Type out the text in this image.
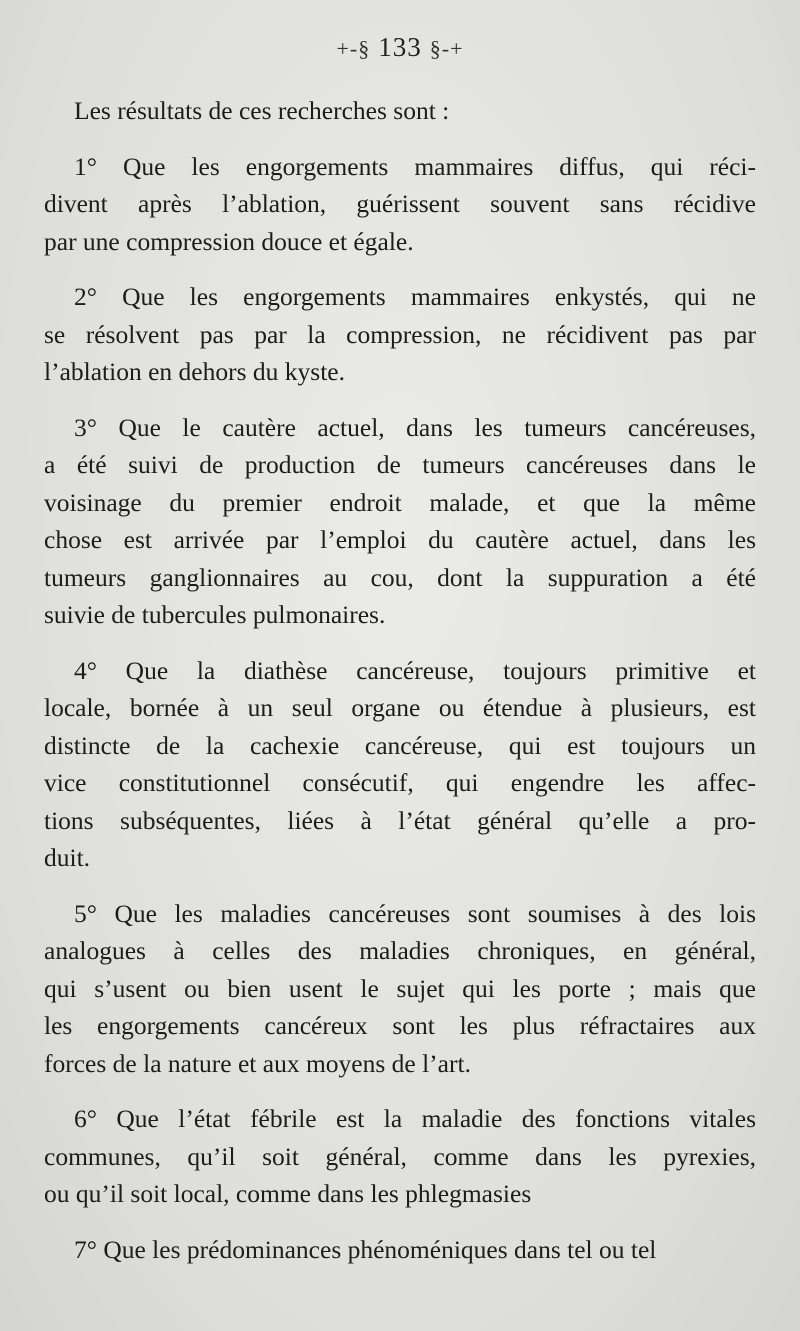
+-§ 133 §-+
Les résultats de ces recherches sont :
1° Que les engorgements mammaires diffus, qui réci-
divent après l’ablation, guérissent souvent sans récidive
par une compression douce et égale.
2° Que les engorgements mammaires enkystés, qui ne
se résolvent pas par la compression, ne récidivent pas par
l’ablation en dehors du kyste.
3° Que le cautère actuel, dans les tumeurs cancéreuses,
a été suivi de production de tumeurs cancéreuses dans le
voisinage du premier endroit malade, et que la même
chose est arrivée par l’emploi du cautère actuel, dans les
tumeurs ganglionnaires au cou, dont la suppuration a été
suivie de tubercules pulmonaires.
4° Que la diathèse cancéreuse, toujours primitive et
locale, bornée à un seul organe ou étendue à plusieurs, est
distincte de la cachexie cancéreuse, qui est toujours un
vice constitutionnel consécutif, qui engendre les affec-
tions subséquentes, liées à l’état général qu’elle a pro-
duit.
5° Que les maladies cancéreuses sont soumises à des lois
analogues à celles des maladies chroniques, en général,
qui s’usent ou bien usent le sujet qui les porte ; mais que
les engorgements cancéreux sont les plus réfractaires aux
forces de la nature et aux moyens de l’art.
6° Que l’état fébrile est la maladie des fonctions vitales
communes, qu’il soit général, comme dans les pyrexies,
ou qu’il soit local, comme dans les phlegmasies
7° Que les prédominances phénoméniques dans tel ou tel
